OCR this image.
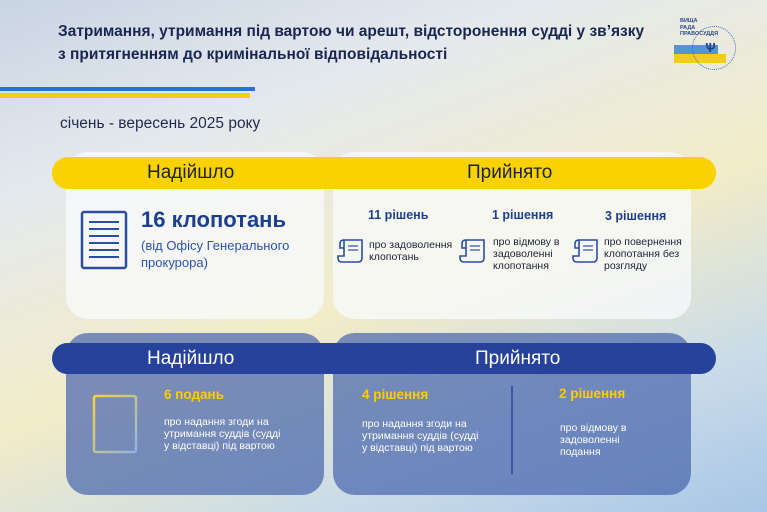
Затримання, утримання під вартою чи арешт, відсторонення судді у зв’язку з притягненням до кримінальної відповідальності
ВИЩА
РАДА
ПРАВОСУДДЯ
Ѱ
січень - вересень 2025 року
Надійшло	Прийнято
16 клопотань
(від Офісу Генерального прокурора)
11 рішень
про задоволення клопотань
1 рішення
про відмову в задоволенні клопотання
3 рішення
про повернення клопотання без розгляду
Надійшло	Прийнято
6 подань
про надання згоди на утримання суддів (судді у відставці) під вартою
4 рішення
про надання згоди на утримання суддів (судді у відставці) під вартою
2 рішення
про відмову в задоволенні подання
